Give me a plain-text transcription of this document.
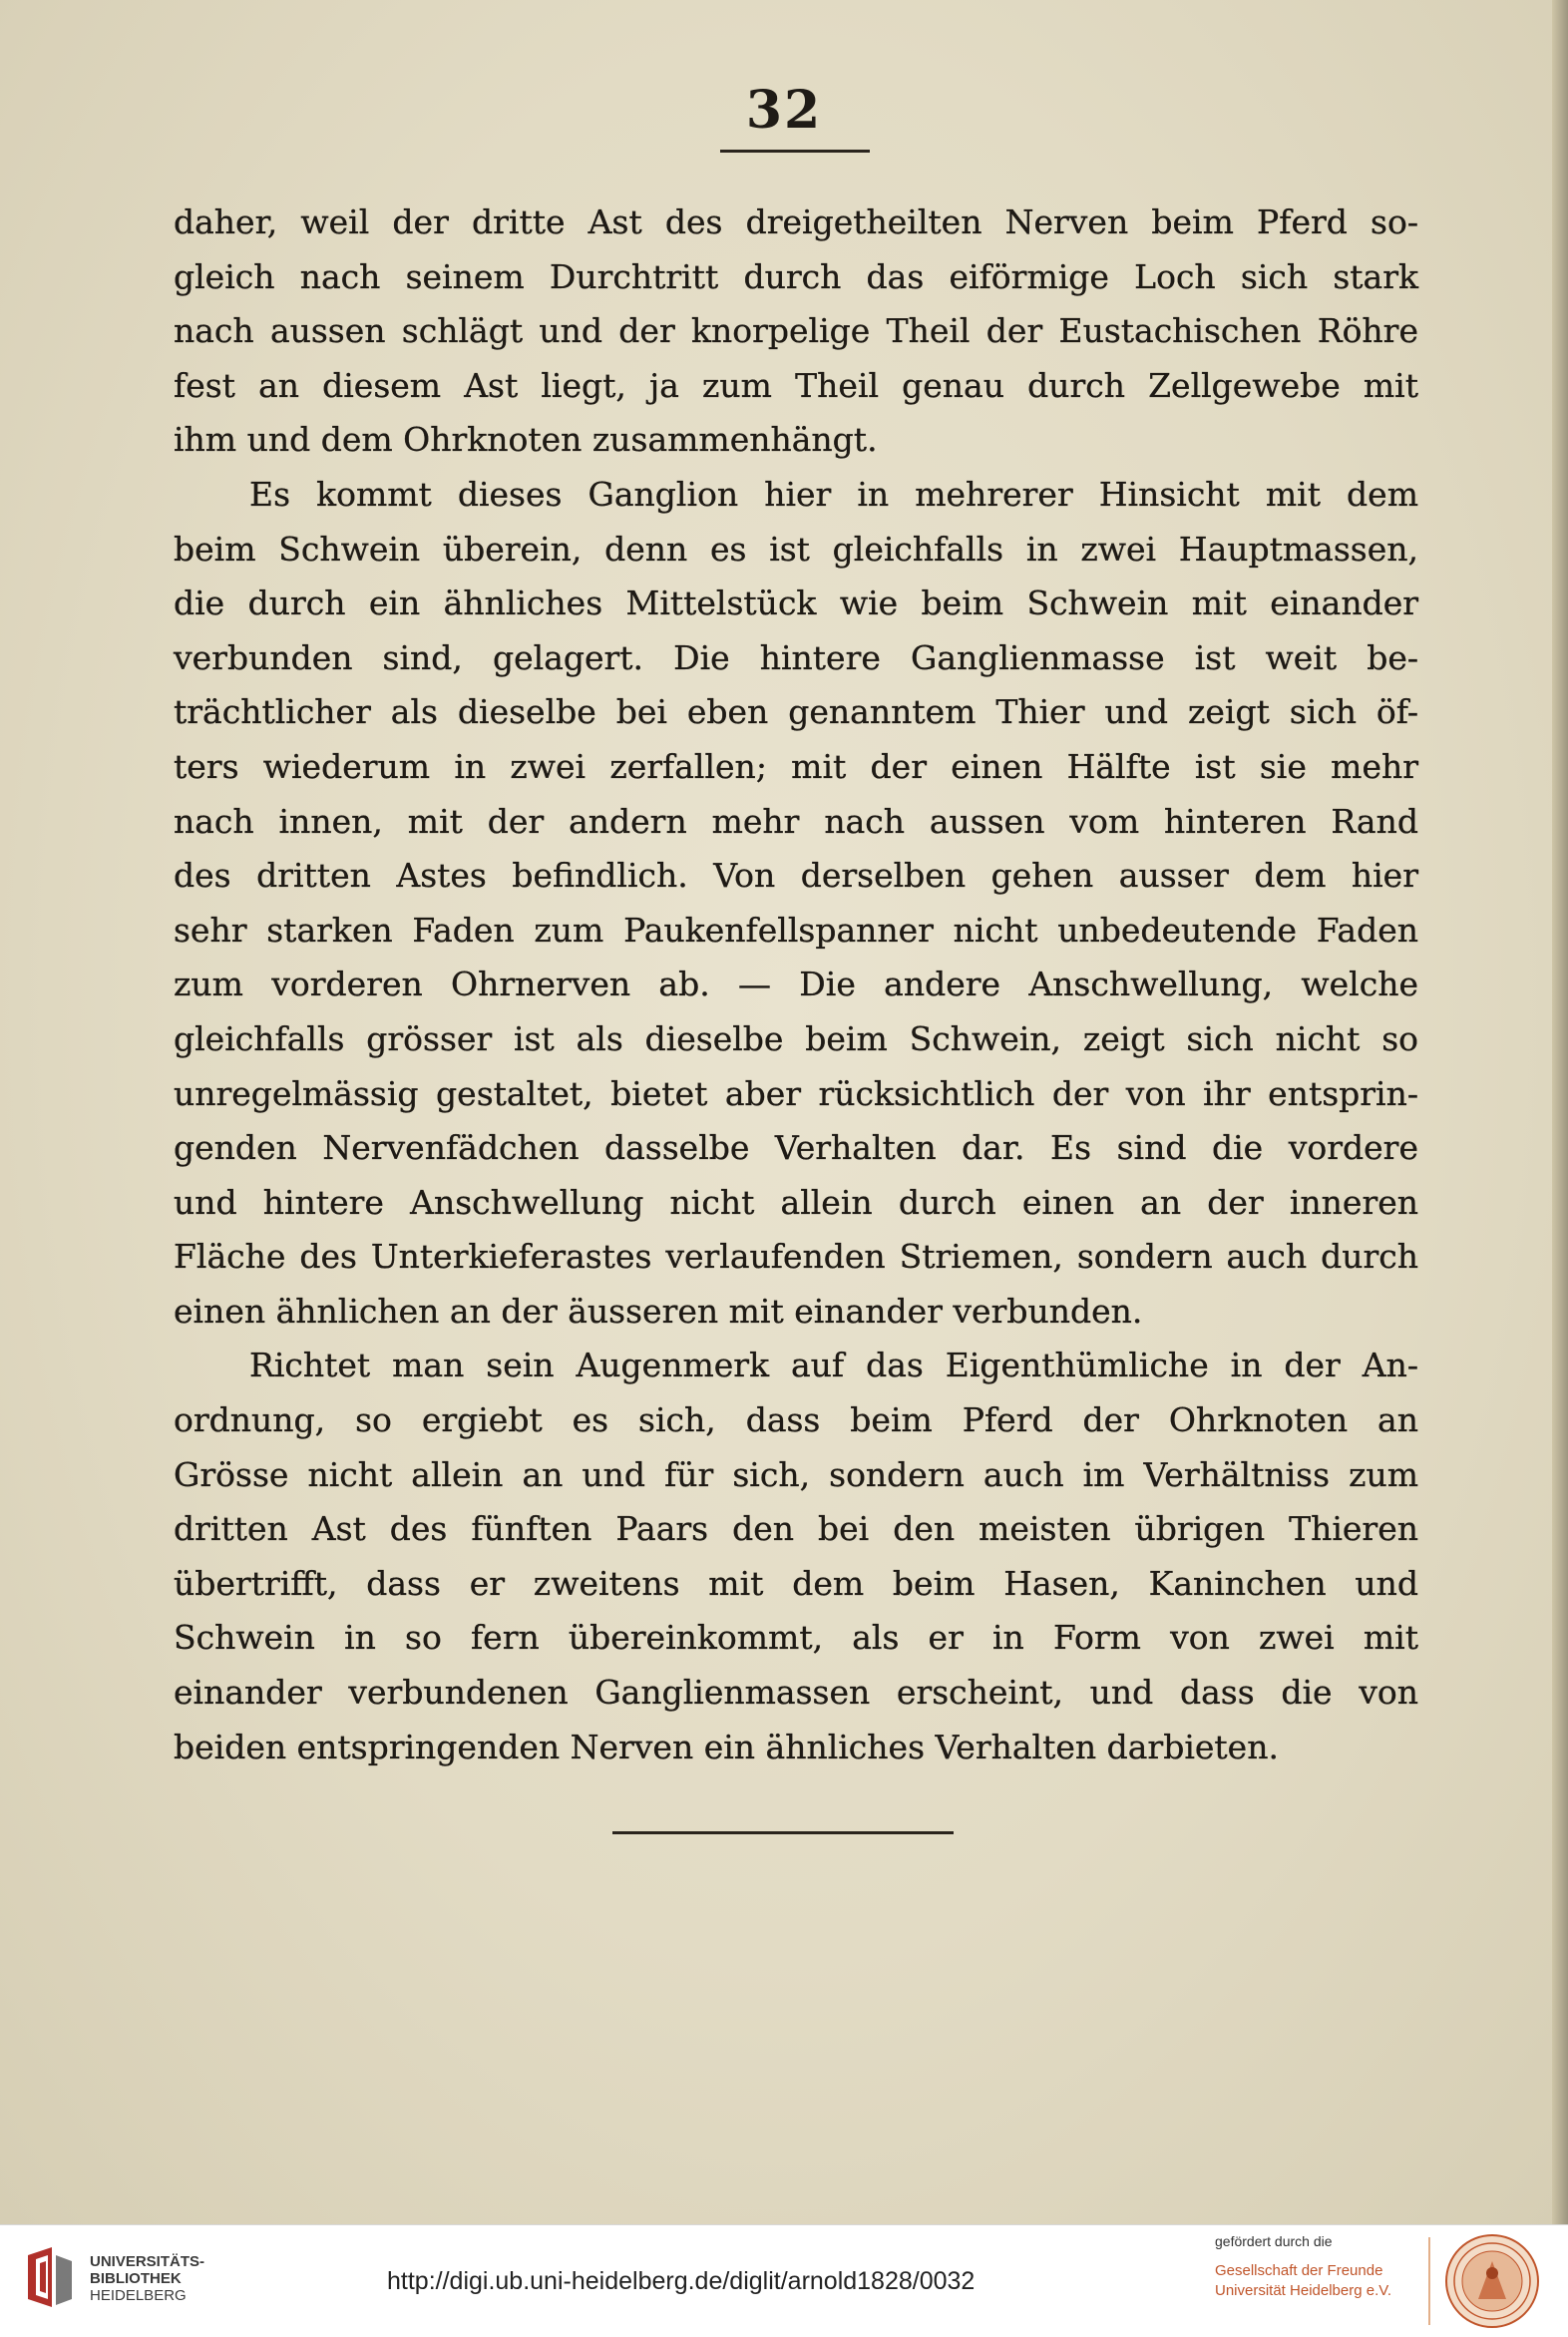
32
daher, weil der dritte Ast des dreigetheilten Nerven beim Pferd so-
gleich nach seinem Durchtritt durch das eiförmige Loch sich stark
nach aussen schlägt und der knorpelige Theil der Eustachischen Röhre
fest an diesem Ast liegt, ja zum Theil genau durch Zellgewebe mit
ihm und dem Ohrknoten zusammenhängt.
Es kommt dieses Ganglion hier in mehrerer Hinsicht mit dem
beim Schwein überein, denn es ist gleichfalls in zwei Hauptmassen,
die durch ein ähnliches Mittelstück wie beim Schwein mit einander
verbunden sind, gelagert. Die hintere Ganglienmasse ist weit be-
trächtlicher als dieselbe bei eben genanntem Thier und zeigt sich öf-
ters wiederum in zwei zerfallen; mit der einen Hälfte ist sie mehr
nach innen, mit der andern mehr nach aussen vom hinteren Rand
des dritten Astes befindlich. Von derselben gehen ausser dem hier
sehr starken Faden zum Paukenfellspanner nicht unbedeutende Faden
zum vorderen Ohrnerven ab. — Die andere Anschwellung, welche
gleichfalls grösser ist als dieselbe beim Schwein, zeigt sich nicht so
unregelmässig gestaltet, bietet aber rücksichtlich der von ihr entsprin-
genden Nervenfädchen dasselbe Verhalten dar. Es sind die vordere
und hintere Anschwellung nicht allein durch einen an der inneren
Fläche des Unterkieferastes verlaufenden Striemen, sondern auch durch
einen ähnlichen an der äusseren mit einander verbunden.
Richtet man sein Augenmerk auf das Eigenthümliche in der An-
ordnung, so ergiebt es sich, dass beim Pferd der Ohrknoten an
Grösse nicht allein an und für sich, sondern auch im Verhältniss zum
dritten Ast des fünften Paars den bei den meisten übrigen Thieren
übertrifft, dass er zweitens mit dem beim Hasen, Kaninchen und
Schwein in so fern übereinkommt, als er in Form von zwei mit
einander verbundenen Ganglienmassen erscheint, und dass die von
beiden entspringenden Nerven ein ähnliches Verhalten darbieten.
UNIVERSITÄTS-
BIBLIOTHEK
HEIDELBERG
http://digi.ub.uni-heidelberg.de/diglit/arnold1828/0032
gefördert durch die
Gesellschaft der Freunde
Universität Heidelberg e.V.
